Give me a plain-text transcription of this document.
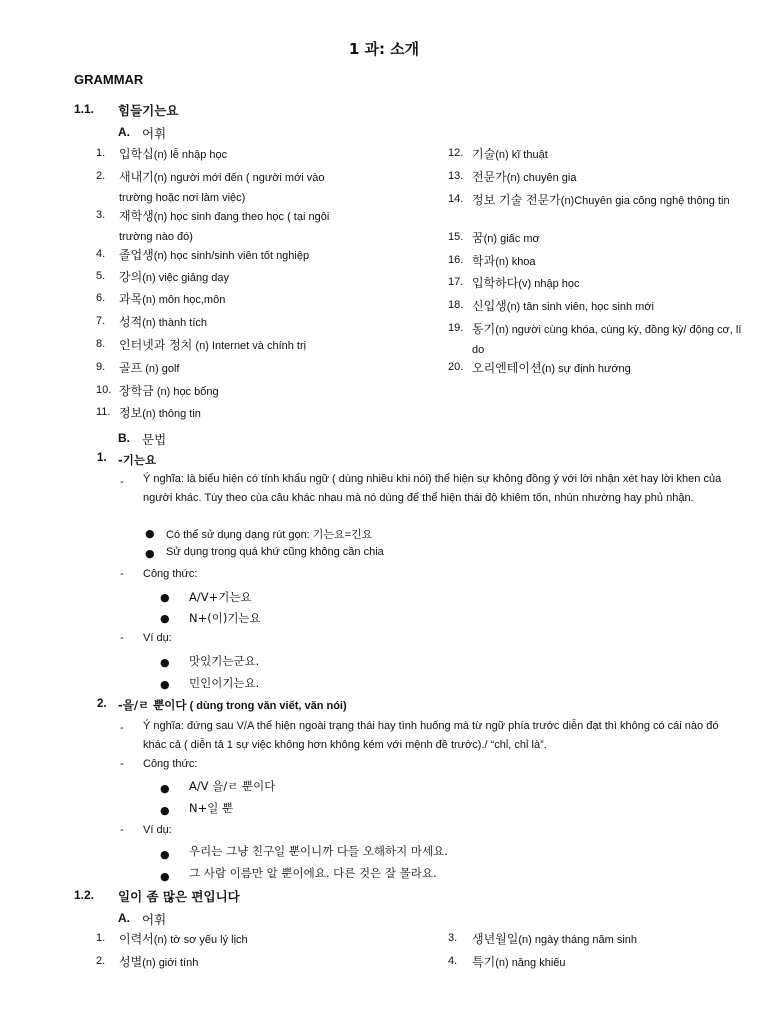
1 과: 소개
GRAMMAR
1.1. 힘들기는요
A. 어휘
1. 입학십(n) lễ nhập học
2. 새내기(n) người mới đến ( người mới vào trường hoặc nơi làm việc)
3. 재학생(n) học sinh đang theo học ( tại ngôi trường nào đó)
4. 졸업생(n) học sinh/sinh viên tốt nghiệp
5. 강의(n) việc giảng dạy
6. 과목(n) môn học,môn
7. 성적(n) thành tích
8. 인터넷과 정치 (n) Internet và chính trị
9. 골프 (n) golf
10. 장학금 (n) học bổng
11. 정보(n) thông tin
12. 기술(n) kĩ thuật
13. 전문가(n) chuyên gia
14. 정보 기술 전문가(n)Chuyên gia công nghệ thông tin
15. 꿈(n) giấc mơ
16. 학과(n) khoa
17. 입학하다(v) nhập học
18. 신입생(n) tân sinh viên, học sinh mới
19. 동기(n) người cùng khóa, cùng kỳ, đồng kỳ/ động cơ, lí do
20. 오리엔테이션(n) sự định hướng
B. 문법
1. -기는요
- Ý nghĩa: là biểu hiện có tính khẩu ngữ ( dùng nhiều khi nói) thể hiện sự không đồng ý với lời nhận xét hay lời khen của người khác. Tùy theo cùa câu khác nhau mà nó dùng để thể hiện thái độ khiêm tốn, nhún nhường hay phủ nhận.
● Có thể sử dụng dạng rút gọn: 기는요=긴요
● Sử dụng trong quá khứ cũng không cần chia
- Công thức:
● A/V+기는요
● N+(이)기는요
- Ví dụ:
● 맛있기는군요.
● 민인이기는요.
2. -을/ㄹ 뿐이다 ( dùng trong văn viết, văn nói)
- Ý nghĩa: đứng sau V/A thể hiện ngoài trạng thái hay tình huống mà từ ngữ phía trước diễn đạt thì không có cái nào đó khác cả ( diễn tả 1 sự việc không hơn không kém với mệnh đề trước)./ “chỉ, chỉ là”.
- Công thức:
● A/V 을/ㄹ 뿐이다
● N+일 뿐
- Ví dụ:
● 우리는 그냥 친구일 뿐이니까 다들 오해하지 마세요.
● 그 사람 이름만 알 뿐이에요. 다른 것은 잘 몰라요.
1.2. 일이 좀 많은 편입니다
A. 어휘
1. 이력서(n) tờ sơ yếu lý lịch
2. 성별(n) giới tính
3. 생년월일(n) ngày tháng năm sinh
4. 특기(n) năng khiếu
